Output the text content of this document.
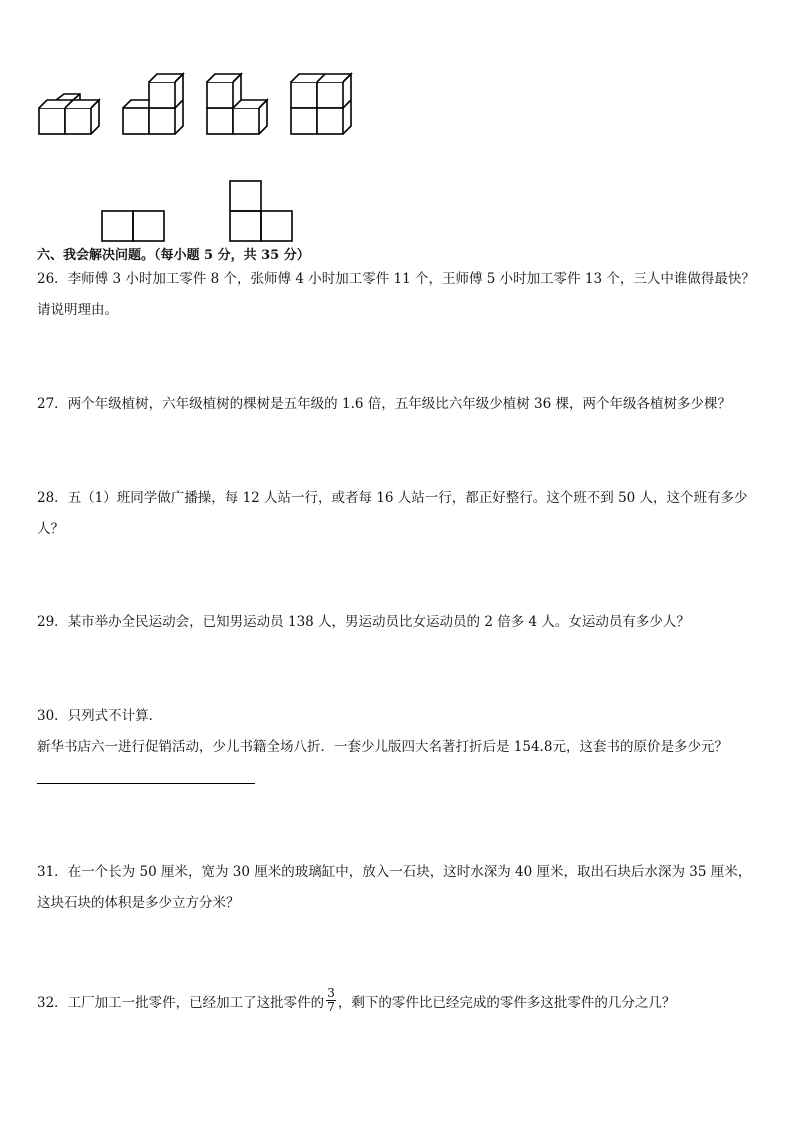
六、我会解决问题。（每小题 5 分，共 35 分）
26．李师傅 3 小时加工零件 8 个，张师傅 4 小时加工零件 11 个，王师傅 5 小时加工零件 13 个，三人中谁做得最快？
请说明理由。
27．两个年级植树，六年级植树的棵树是五年级的 1.6 倍，五年级比六年级少植树 36 棵，两个年级各植树多少棵？
28．五（1）班同学做广播操，每 12 人站一行，或者每 16 人站一行，都正好整行。这个班不到 50 人，这个班有多少
人？
29．某市举办全民运动会，已知男运动员 138 人，男运动员比女运动员的 2 倍多 4 人。女运动员有多少人？
30．只列式不计算．
新华书店六一进行促销活动，少儿书籍全场八折．一套少儿版四大名著打折后是 154.8元，这套书的原价是多少元？
31．在一个长为 50 厘米，宽为 30 厘米的玻璃缸中，放入一石块，这时水深为 40 厘米，取出石块后水深为 35 厘米，
这块石块的体积是多少立方分米？
32．工厂加工一批零件，已经加工了这批零件的 $\frac{3}{7}$ ，剩下的零件比已经完成的零件多这批零件的几分之几？
